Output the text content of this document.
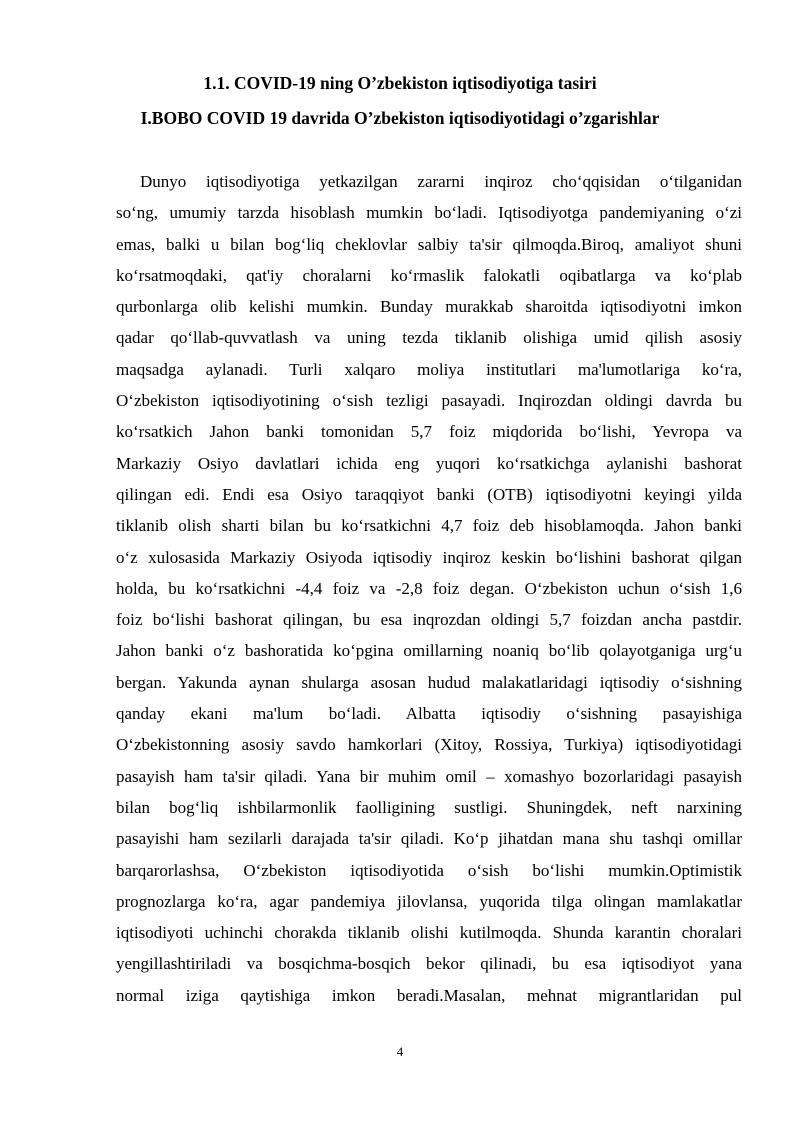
1.1. COVID-19 ning O’zbekiston iqtisodiyotiga tasiri

I.BOBO COVID 19 davrida O’zbekiston iqtisodiyotidagi o’zgarishlar

Dunyo iqtisodiyotiga yetkazilgan zararni inqiroz cho‘qqisidan o‘tilganidan
so‘ng, umumiy tarzda hisoblash mumkin bo‘ladi. Iqtisodiyotga pandemiyaning o‘zi
emas, balki u bilan bog‘liq cheklovlar salbiy ta'sir qilmoqda.Biroq, amaliyot shuni
ko‘rsatmoqdaki, qat'iy choralarni ko‘rmaslik falokatli oqibatlarga va ko‘plab
qurbonlarga olib kelishi mumkin. Bunday murakkab sharoitda iqtisodiyotni imkon
qadar qo‘llab-quvvatlash va uning tezda tiklanib olishiga umid qilish asosiy
maqsadga aylanadi. Turli xalqaro moliya institutlari ma'lumotlariga ko‘ra,
O‘zbekiston iqtisodiyotining o‘sish tezligi pasayadi. Inqirozdan oldingi davrda bu
ko‘rsatkich Jahon banki tomonidan 5,7 foiz miqdorida bo‘lishi, Yevropa va
Markaziy Osiyo davlatlari ichida eng yuqori ko‘rsatkichga aylanishi bashorat
qilingan edi. Endi esa Osiyo taraqqiyot banki (OTB) iqtisodiyotni keyingi yilda
tiklanib olish sharti bilan bu ko‘rsatkichni 4,7 foiz deb hisoblamoqda. Jahon banki
o‘z xulosasida Markaziy Osiyoda iqtisodiy inqiroz keskin bo‘lishini bashorat qilgan
holda, bu ko‘rsatkichni -4,4 foiz va -2,8 foiz degan. O‘zbekiston uchun o‘sish 1,6
foiz bo‘lishi bashorat qilingan, bu esa inqrozdan oldingi 5,7 foizdan ancha pastdir.
Jahon banki o‘z bashoratida ko‘pgina omillarning noaniq bo‘lib qolayotganiga urg‘u
bergan. Yakunda aynan shularga asosan hudud malakatlaridagi iqtisodiy o‘sishning
qanday ekani ma'lum bo‘ladi. Albatta iqtisodiy o‘sishning pasayishiga
O‘zbekistonning asosiy savdo hamkorlari (Xitoy, Rossiya, Turkiya) iqtisodiyotidagi
pasayish ham ta'sir qiladi. Yana bir muhim omil – xomashyo bozorlaridagi pasayish
bilan bog‘liq ishbilarmonlik faolligining sustligi. Shuningdek, neft narxining
pasayishi ham sezilarli darajada ta'sir qiladi. Ko‘p jihatdan mana shu tashqi omillar
barqarorlashsa, O‘zbekiston iqtisodiyotida o‘sish bo‘lishi mumkin.Optimistik
prognozlarga ko‘ra, agar pandemiya jilovlansa, yuqorida tilga olingan mamlakatlar
iqtisodiyoti uchinchi chorakda tiklanib olishi kutilmoqda. Shunda karantin choralari
yengillashtiriladi va bosqichma-bosqich bekor qilinadi, bu esa iqtisodiyot yana
normal iziga qaytishiga imkon beradi.Masalan, mehnat migrantlaridan pul
4
